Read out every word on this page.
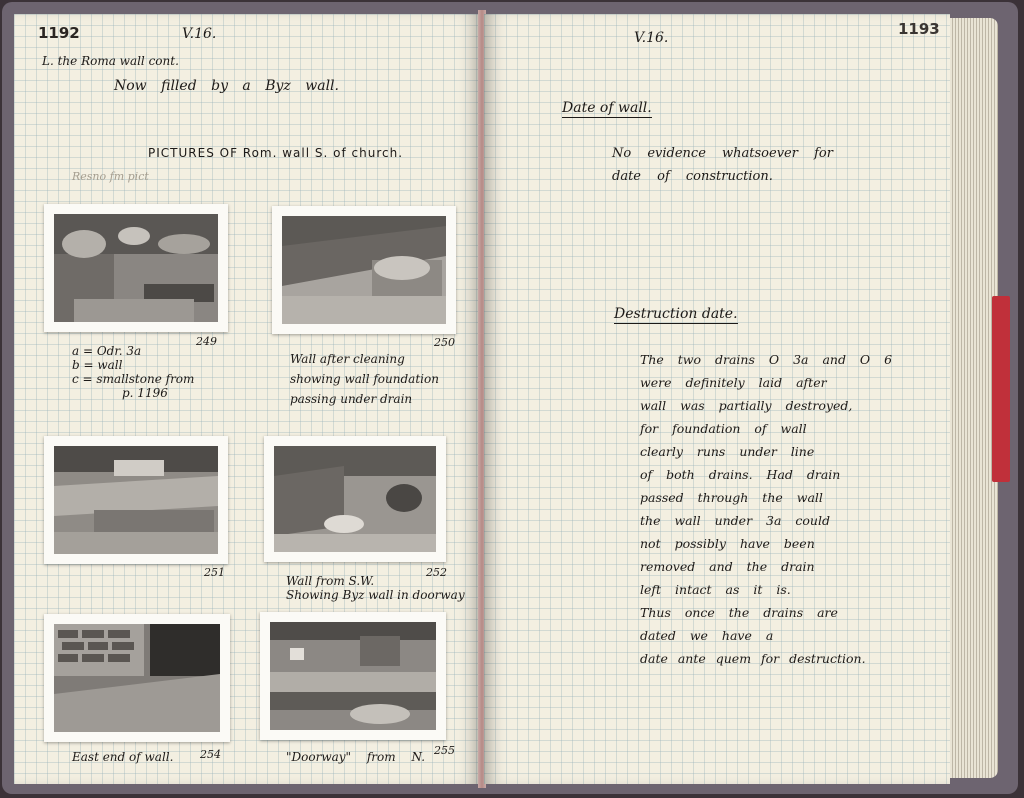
1192	V.16.
L. the Roma wall cont.
Now filled by a Byz wall.
PICTURES OF Rom. wall S. of church.
Resno fm pict
249
a = Odr. 3a
b = wall
c = smallstone from
p. 1196
250
Wall after cleaning
showing wall foundation
passing under drain
251	252
Wall from S.W.
Showing Byz wall in doorway
254
East end of wall.	255
"Doorway" from N.
V.16.	1193
Date of wall.
No evidence whatsoever for
date of construction.
Destruction date.
The two drains O 3a and O 6
were definitely laid after
wall was partially destroyed,
for foundation of wall
clearly runs under line
of both drains. Had drain
passed through the wall
the wall under 3a could
not possibly have been
removed and the drain
left intact as it is.
Thus once the drains are
dated we have a
date ante quem for destruction.
